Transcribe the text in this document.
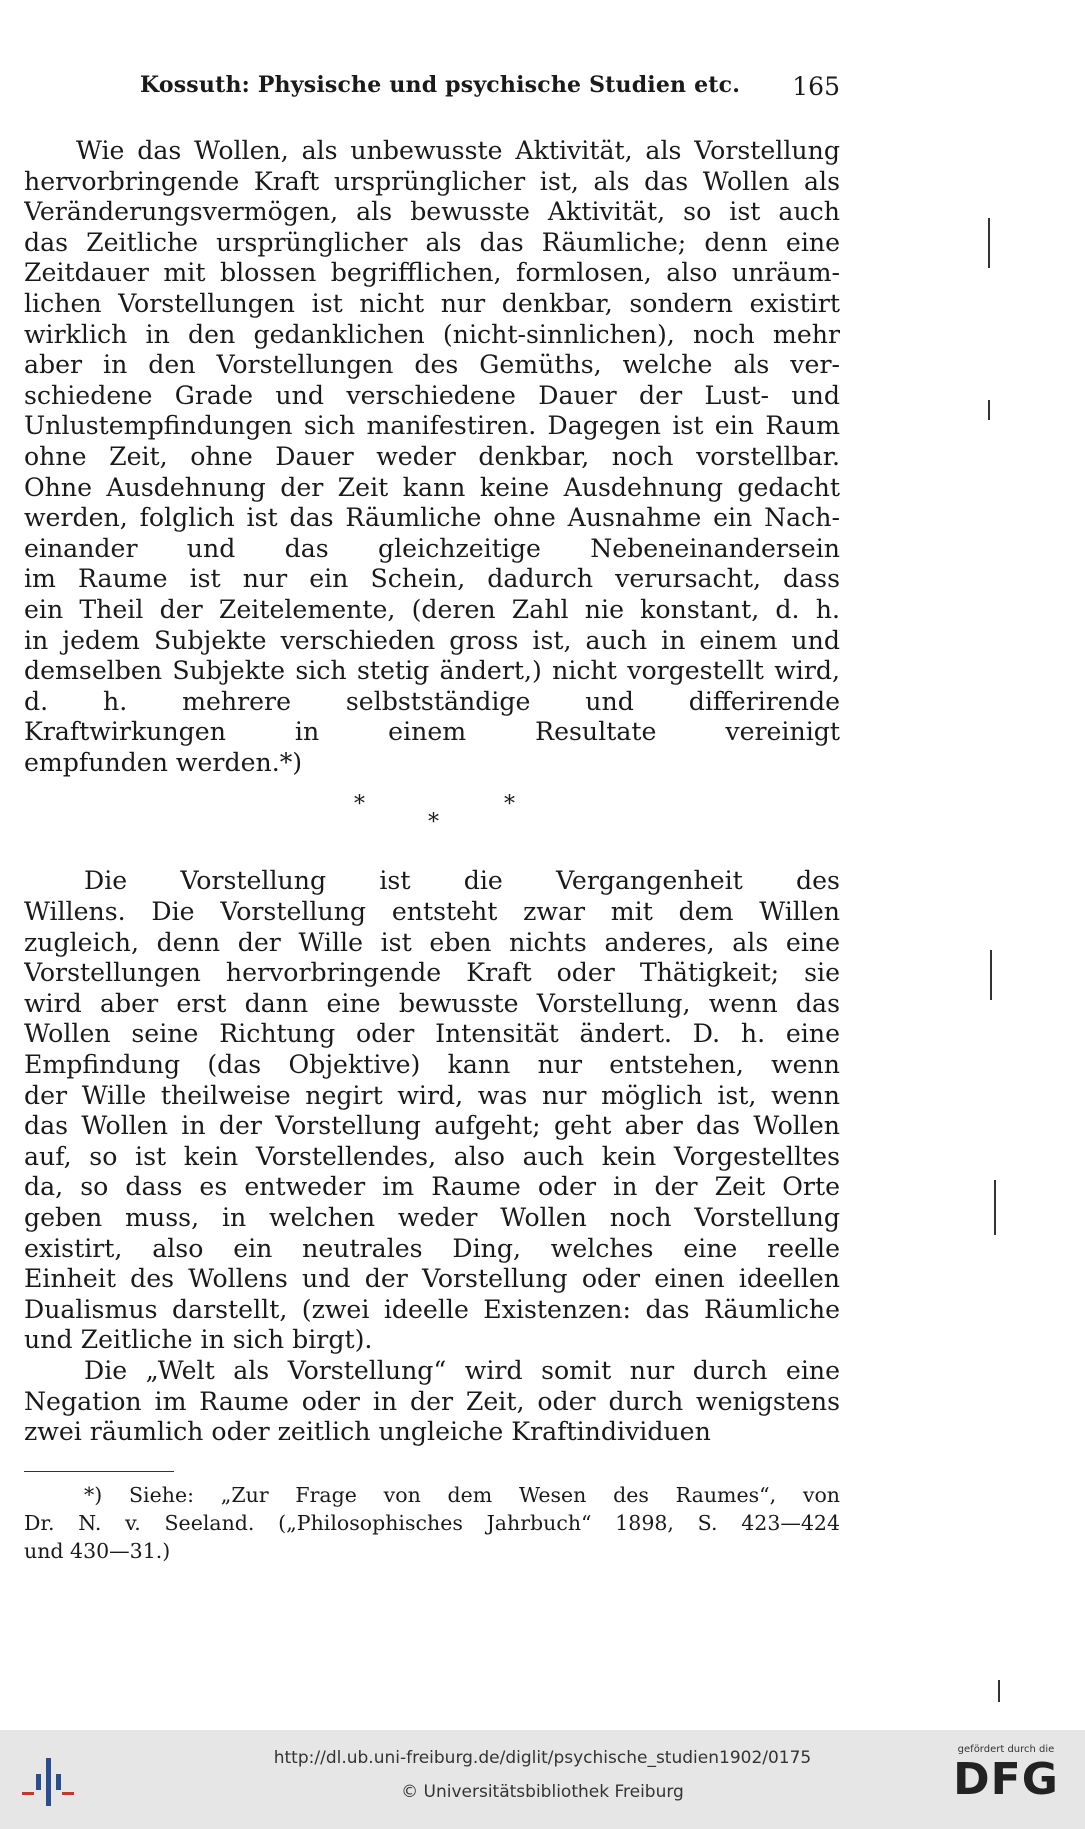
Kossuth: Physische und psychische Studien etc. 165
Wie das Wollen, als unbewusste Aktivität, als Vorstellung
hervorbringende Kraft ursprünglicher ist, als das Wollen als
Veränderungsvermögen, als bewusste Aktivität, so ist auch
das Zeitliche ursprünglicher als das Räumliche; denn eine
Zeitdauer mit blossen begrifflichen, formlosen, also unräum-
lichen Vorstellungen ist nicht nur denkbar, sondern existirt
wirklich in den gedanklichen (nicht-sinnlichen), noch mehr
aber in den Vorstellungen des Gemüths, welche als ver-
schiedene Grade und verschiedene Dauer der Lust- und
Unlustempfindungen sich manifestiren. Dagegen ist ein Raum
ohne Zeit, ohne Dauer weder denkbar, noch vorstellbar.
Ohne Ausdehnung der Zeit kann keine Ausdehnung gedacht
werden, folglich ist das Räumliche ohne Ausnahme ein Nach-
einander und das gleichzeitige Nebeneinandersein
im Raume ist nur ein Schein, dadurch verursacht, dass
ein Theil der Zeitelemente, (deren Zahl nie konstant, d. h.
in jedem Subjekte verschieden gross ist, auch in einem und
demselben Subjekte sich stetig ändert,) nicht vorgestellt wird,
d. h. mehrere selbstständige und differirende
Kraftwirkungen in einem Resultate vereinigt
empfunden werden.*)
*	*
*
Die Vorstellung ist die Vergangenheit des
Willens. Die Vorstellung entsteht zwar mit dem Willen
zugleich, denn der Wille ist eben nichts anderes, als eine
Vorstellungen hervorbringende Kraft oder Thätigkeit; sie
wird aber erst dann eine bewusste Vorstellung, wenn das
Wollen seine Richtung oder Intensität ändert. D. h. eine
Empfindung (das Objektive) kann nur entstehen, wenn
der Wille theilweise negirt wird, was nur möglich ist, wenn
das Wollen in der Vorstellung aufgeht; geht aber das Wollen
auf, so ist kein Vorstellendes, also auch kein Vorgestelltes
da, so dass es entweder im Raume oder in der Zeit Orte
geben muss, in welchen weder Wollen noch Vorstellung
existirt, also ein neutrales Ding, welches eine reelle
Einheit des Wollens und der Vorstellung oder einen ideellen
Dualismus darstellt, (zwei ideelle Existenzen: das Räumliche
und Zeitliche in sich birgt).
Die „Welt als Vorstellung“ wird somit nur durch eine
Negation im Raume oder in der Zeit, oder durch wenigstens
zwei räumlich oder zeitlich ungleiche Kraftindividuen
*) Siehe: „Zur Frage von dem Wesen des Raumes“, von
Dr. N. v. Seeland. („Philosophisches Jahrbuch“ 1898, S. 423—424
und 430—31.)
http://dl.ub.uni-freiburg.de/diglit/psychische_studien1902/0175
© Universitätsbibliothek Freiburg
gefördert durch die
DFG
